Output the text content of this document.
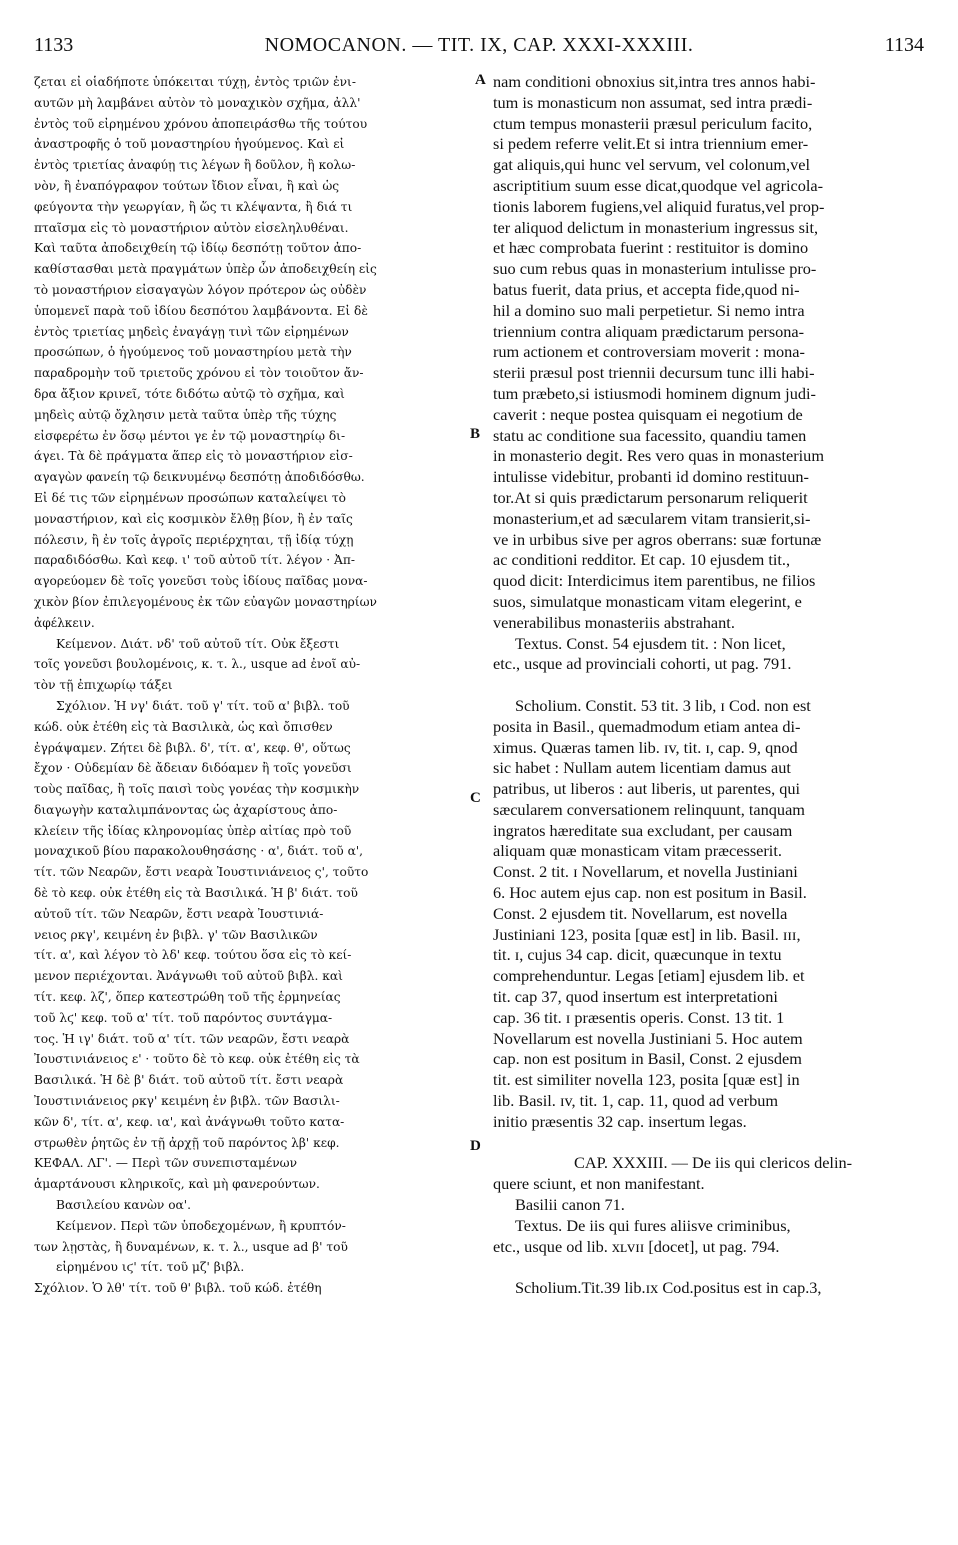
NOMOCANON. — TIT. IX, CAP. XXXI-XXXIII.
1133	1134
ζεται εἰ οἱαδήποτε ὑπόκειται τύχῃ, ἐντὸς τριῶν ἐνι-
αυτῶν μὴ λαμβάνει αὐτὸν τὸ μοναχικὸν σχῆμα, ἀλλ'
ἐντὸς τοῦ εἰρημένου χρόνου ἀποπειράσθω τῆς τούτου
ἀναστροφῆς ὁ τοῦ μοναστηρίου ἡγούμενος. Καὶ εἰ
ἐντὸς τριετίας ἀναφύῃ τις λέγων ἢ δοῦλον, ἢ κολω-
νὸν, ἢ ἐναπόγραφον τούτων ἴδιον εἶναι, ἢ καὶ ὡς
φεύγοντα τὴν γεωργίαν, ἢ ὥς τι κλέψαντα, ἢ διά τι
πταῖσμα εἰς τὸ μοναστήριον αὐτὸν εἰσεληλυθέναι.
Καὶ ταῦτα ἀποδειχθείη τῷ ἰδίῳ δεσπότῃ τοῦτον ἀπο-
καθίστασθαι μετὰ πραγμάτων ὑπὲρ ὧν ἀποδειχθείη εἰς
τὸ μοναστήριον εἰσαγαγὼν λόγον πρότερον ὡς οὐδὲν
ὑπομενεῖ παρὰ τοῦ ἰδίου δεσπότου λαμβάνοντα. Εἰ δὲ
ἐντὸς τριετίας μηδεὶς ἐναγάγῃ τινὶ τῶν εἰρημένων
προσώπων, ὁ ἡγούμενος τοῦ μοναστηρίου μετὰ τὴν
παραδρομὴν τοῦ τριετοῦς χρόνου εἰ τὸν τοιοῦτον ἄν-
δρα ἄξιον κρινεῖ, τότε διδότω αὐτῷ τὸ σχῆμα, καὶ
μηδεὶς αὐτῷ ὄχλησιν μετὰ ταῦτα ὑπὲρ τῆς τύχης
εἰσφερέτω ἐν ὅσῳ μέντοι γε ἐν τῷ μοναστηρίῳ δι-
άγει. Τὰ δὲ πράγματα ἅπερ εἰς τὸ μοναστήριον εἰσ-
αγαγὼν φανείη τῷ δεικνυμένῳ δεσπότῃ ἀποδιδόσθω.
Εἰ δέ τις τῶν εἰρημένων προσώπων καταλείψει τὸ
μοναστήριον, καὶ εἰς κοσμικὸν ἔλθῃ βίον, ἢ ἐν ταῖς
πόλεσιν, ἢ ἐν τοῖς ἀγροῖς περιέρχηται, τῇ ἰδίᾳ τύχῃ
παραδιδόσθω. Καὶ κεφ. ι' τοῦ αὐτοῦ τίτ. λέγον · Ἀπ-
αγορεύομεν δὲ τοῖς γονεῦσι τοὺς ἰδίους παῖδας μονα-
χικὸν βίον ἐπιλεγομένους ἐκ τῶν εὐαγῶν μοναστηρίων
ἀφέλκειν.
Κείμενον. Διάτ. νδ' τοῦ αὐτοῦ τίτ. Οὐκ ἔξεστι
τοῖς γονεῦσι βουλομένοις, κ. τ. λ., usque ad ἐνοῖ αὐ-
τὸν τῇ ἐπιχωρίῳ τάξει
Σχόλιον. Ἡ νγ' διάτ. τοῦ γ' τίτ. τοῦ α' βιβλ. τοῦ
κώδ. οὐκ ἐτέθη εἰς τὰ Βασιλικὰ, ὡς καὶ ὄπισθεν
ἐγράψαμεν. Ζήτει δὲ βιβλ. δ', τίτ. α', κεφ. θ', οὕτως
ἔχον · Οὐδεμίαν δὲ ἄδειαν διδόαμεν ἢ τοῖς γονεῦσι
τοὺς παῖδας, ἢ τοῖς παισὶ τοὺς γονέας τὴν κοσμικὴν
διαγωγὴν καταλιμπάνοντας ὡς ἀχαρίστους ἀπο-
κλείειν τῆς ἰδίας κληρονομίας ὑπὲρ αἰτίας πρὸ τοῦ
μοναχικοῦ βίου παρακολουθησάσης · α', διάτ. τοῦ α',
τίτ. τῶν Νεαρῶν, ἔστι νεαρὰ Ἰουστινιάνειος ς', τοῦτο
δὲ τὸ κεφ. οὐκ ἐτέθη εἰς τὰ Βασιλικά. Ἡ β' διάτ. τοῦ
αὐτοῦ τίτ. τῶν Νεαρῶν, ἔστι νεαρὰ Ἰουστινιά-
νειος ρκγ', κειμένη ἐν βιβλ. γ' τῶν Βασιλικῶν
τίτ. α', καὶ λέγον τὸ λδ' κεφ. τούτου ὅσα εἰς τὸ κεί-
μενον περιέχονται. Ἀνάγνωθι τοῦ αὐτοῦ βιβλ. καὶ
τίτ. κεφ. λζ', ὅπερ κατεστρώθη τοῦ τῆς ἑρμηνείας
τοῦ λϛ' κεφ. τοῦ α' τίτ. τοῦ παρόντος συντάγμα-
τος. Ἡ ιγ' διάτ. τοῦ α' τίτ. τῶν νεαρῶν, ἔστι νεαρὰ
Ἰουστινιάνειος ε' · τοῦτο δὲ τὸ κεφ. οὐκ ἐτέθη εἰς τὰ
Βασιλικά. Ἡ δὲ β' διάτ. τοῦ αὐτοῦ τίτ. ἔστι νεαρὰ
Ἰουστινιάνειος ρκγ' κειμένη ἐν βιβλ. τῶν Βασιλι-
κῶν δ', τίτ. α', κεφ. ια', καὶ ἀνάγνωθι τοῦτο κατα-
στρωθὲν ῥητῶς ἐν τῇ ἀρχῇ τοῦ παρόντος λβ' κεφ.
ΚΕΦΑΛ. ΛΓ'. — Περὶ τῶν συνεπισταμένων
ἁμαρτάνουσι κληρικοῖς, καὶ μὴ φανερούντων.
Βασιλείου κανὼν οα'.
Κείμενον. Περὶ τῶν ὑποδεχομένων, ἢ κρυπτόν-
των λῃστὰς, ἢ δυναμένων, κ. τ. λ., usque ad β' τοῦ
εἰρημένου ιϛ' τίτ. τοῦ μζ' βιβλ.
Σχόλιον. Ὁ λθ' τίτ. τοῦ θ' βιβλ. τοῦ κώδ. ἐτέθη
nam conditioni obnoxius sit,intra tres annos habi-
tum is monasticum non assumat, sed intra prædi-
ctum tempus monasterii præsul periculum facito,
si pedem referre velit.Et si intra triennium emer-
gat aliquis,qui hunc vel servum, vel colonum,vel
ascriptitium suum esse dicat,quodque vel agricola-
tionis laborem fugiens,vel aliquid furatus,vel prop-
ter aliquod delictum in monasterium ingressus sit,
et hæc comprobata fuerint : restituitor is domino
suo cum rebus quas in monasterium intulisse pro-
batus fuerit, data prius, et accepta fide,quod ni-
hil a domino suo mali perpetietur. Si nemo intra
triennium contra aliquam prædictarum persona-
rum actionem et controversiam moverit : mona-
sterii præsul post triennii decursum tunc illi habi-
tum præbeto,si istiusmodi hominem dignum judi-
caverit : neque postea quisquam ei negotium de
statu ac conditione sua facessito, quandiu tamen
in monasterio degit. Res vero quas in monasterium
intulisse videbitur, probanti id domino restituun-
tor.At si quis prædictarum personarum reliquerit
monasterium,et ad sæcularem vitam transierit,si-
ve in urbibus sive per agros oberrans: suæ fortunæ
ac conditioni redditor. Et cap. 10 ejusdem tit.,
quod dicit: Interdicimus item parentibus, ne filios
suos, simulatque monasticam vitam elegerint, e
venerabilibus monasteriis abstrahant.
Textus. Const. 54 ejusdem tit. : Non licet,
etc., usque ad provinciali cohorti, ut pag. 791.
Scholium. Constit. 53 tit. 3 lib, ɪ Cod. non est
posita in Basil., quemadmodum etiam antea di-
ximus. Quæras tamen lib. ɪv, tit. ɪ, cap. 9, qnod
sic habet : Nullam autem licentiam damus aut
patribus, ut liberos : aut liberis, ut parentes, qui
sæcularem conversationem relinquunt, tanquam
ingratos hæreditate sua excludant, per causam
aliquam quæ monasticam vitam præcesserit.
Const. 2 tit. ɪ Novellarum, et novella Justiniani
6. Hoc autem ejus cap. non est positum in Basil.
Const. 2 ejusdem tit. Novellarum, est novella
Justiniani 123, posita [quæ est] in lib. Basil. ɪɪɪ,
tit. ɪ, cujus 34 cap. dicit, quæcunque in textu
comprehenduntur. Legas [etiam] ejusdem lib. et
tit. cap 37, quod insertum est interpretationi
cap. 36 tit. ɪ præsentis operis. Const. 13 tit. 1
Novellarum est novella Justiniani 5. Hoc autem
cap. non est positum in Basil, Const. 2 ejusdem
tit. est similiter novella 123, posita [quæ est] in
lib. Basil. ɪv, tit. 1, cap. 11, quod ad verbum
initio præsentis 32 cap. insertum legas.
CAP. XXXIII. — De iis qui clericos delin-
quere sciunt, et non manifestant.
Basilii canon 71.
Textus. De iis qui fures aliisve criminibus,
etc., usque od lib. xʟvɪɪ [docet], ut pag. 794.
Scholium.Tit.39 lib.ɪx Cod.positus est in cap.3,
A
B
C
D
